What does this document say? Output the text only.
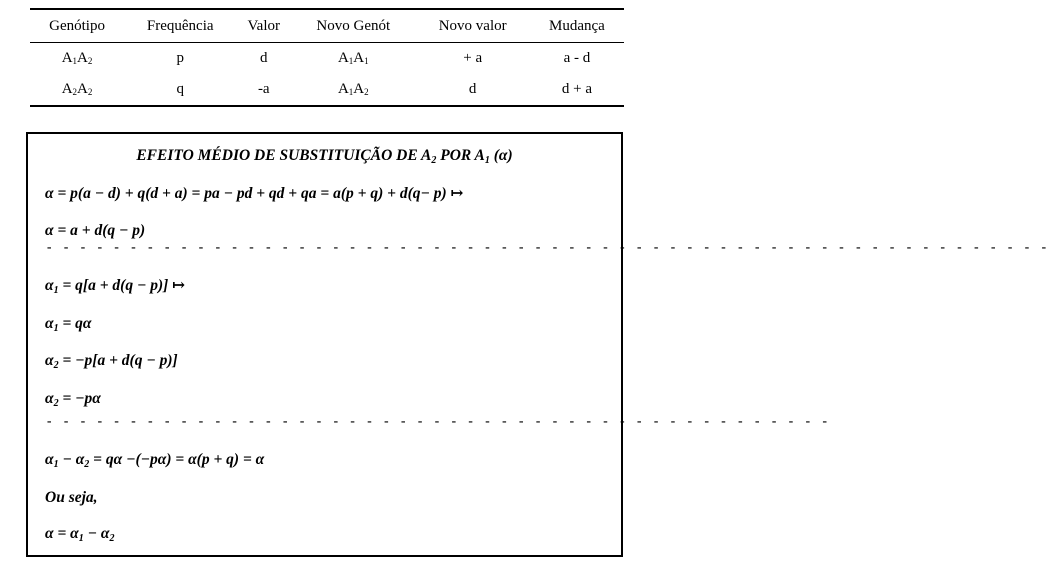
Genótipo	Frequência	Valor	Novo Genót	Novo valor	Mudança
$A_1A_2$	p	d	$A_1A_1$	+ a	a - d
$A_2A_2$	q	-a	$A_1A_2$	d	d + a
EFEITO MÉDIO DE SUBSTITUIÇÃO DE $A_2$ POR $A_1$ (α)
α = p(a − d) + q(d + a) = pa − pd + qd + qa = a(p + q) + d(q− p) ↦
α = a + d(q − p)
- - - - - - - - - - - - - - - - - - - - - - - - - - - - - - - - - - - - - - - - - - - - - - - - - - - - - - - - - - - -
$\alpha_1 = q[a + d(q - p)]$ ↦
$\alpha_1 = q\alpha$
$\alpha_2 = -p[a + d(q - p)]$
$\alpha_2 = -p\alpha$
- - - - - - - - - - - - - - - - - - - - - - - - - - - - - - - - - - - - - - - - - - - - - - -
$\alpha_1 - \alpha_2 = q\alpha -(-p\alpha) = \alpha(p + q) = \alpha$
Ou seja,
$\alpha = \alpha_1 - \alpha_2$
